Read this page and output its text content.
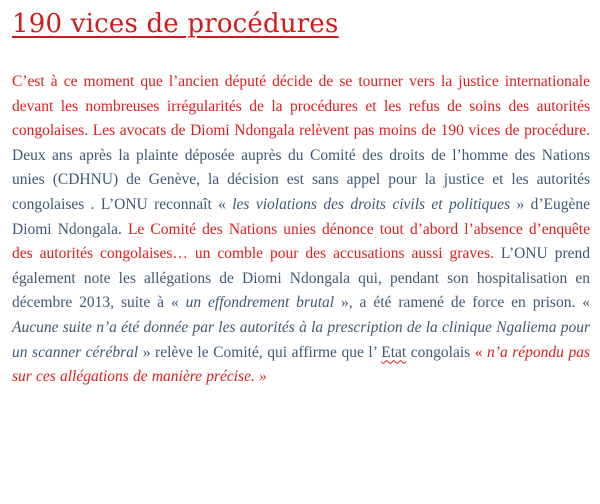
190 vices de procédures

C’est à ce moment que l’ancien député décide de se tourner vers la justice internationale devant les nombreuses irrégularités de la procédures et les refus de soins des autorités congolaises. Les avocats de Diomi Ndongala relèvent pas moins de 190 vices de procédure. Deux ans après la plainte déposée auprès du Comité des droits de l’homme des Nations unies (CDHNU) de Genève, la décision est sans appel pour la justice et les autorités congolaises . L’ONU reconnaît « les violations des droits civils et politiques » d’Eugène Diomi Ndongala. Le Comité des Nations unies dénonce tout d’abord l’absence d’enquête des autorités congolaises… un comble pour des accusations aussi graves. L’ONU prend également note les allégations de Diomi Ndongala qui, pendant son hospitalisation en décembre 2013, suite à « un effondrement brutal », a été ramené de force en prison. « Aucune suite n’a été donnée par les autorités à la prescription de la clinique Ngaliema pour un scanner cérébral » relève le Comité, qui affirme que l’ Etat congolais « n’a répondu pas sur ces allégations de manière précise. »
